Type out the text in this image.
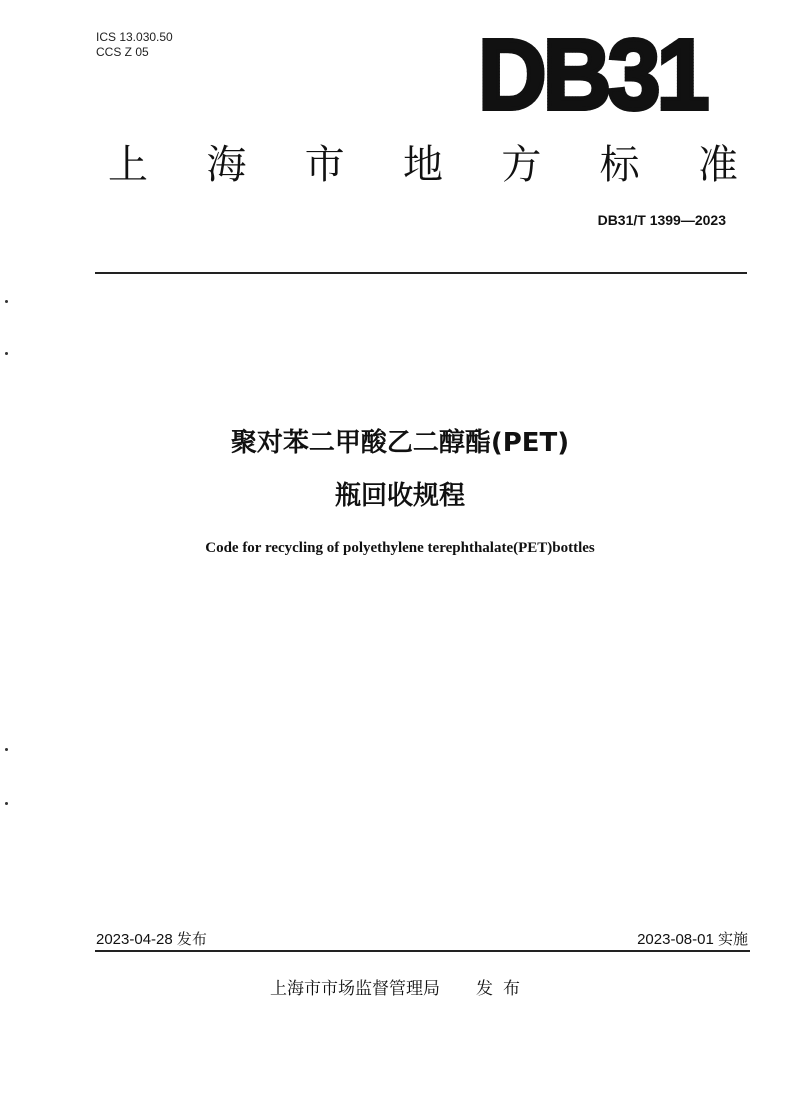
ICS 13.030.50
CCS Z 05	DB31
上 海 市 地 方 标 准
DB31/T 1399—2023
聚对苯二甲酸乙二醇酯(PET)
瓶回收规程
Code for recycling of polyethylene terephthalate(PET)bottles
2023-04-28 发布	2023-08-01 实施
上海市市场监督管理局 发布
